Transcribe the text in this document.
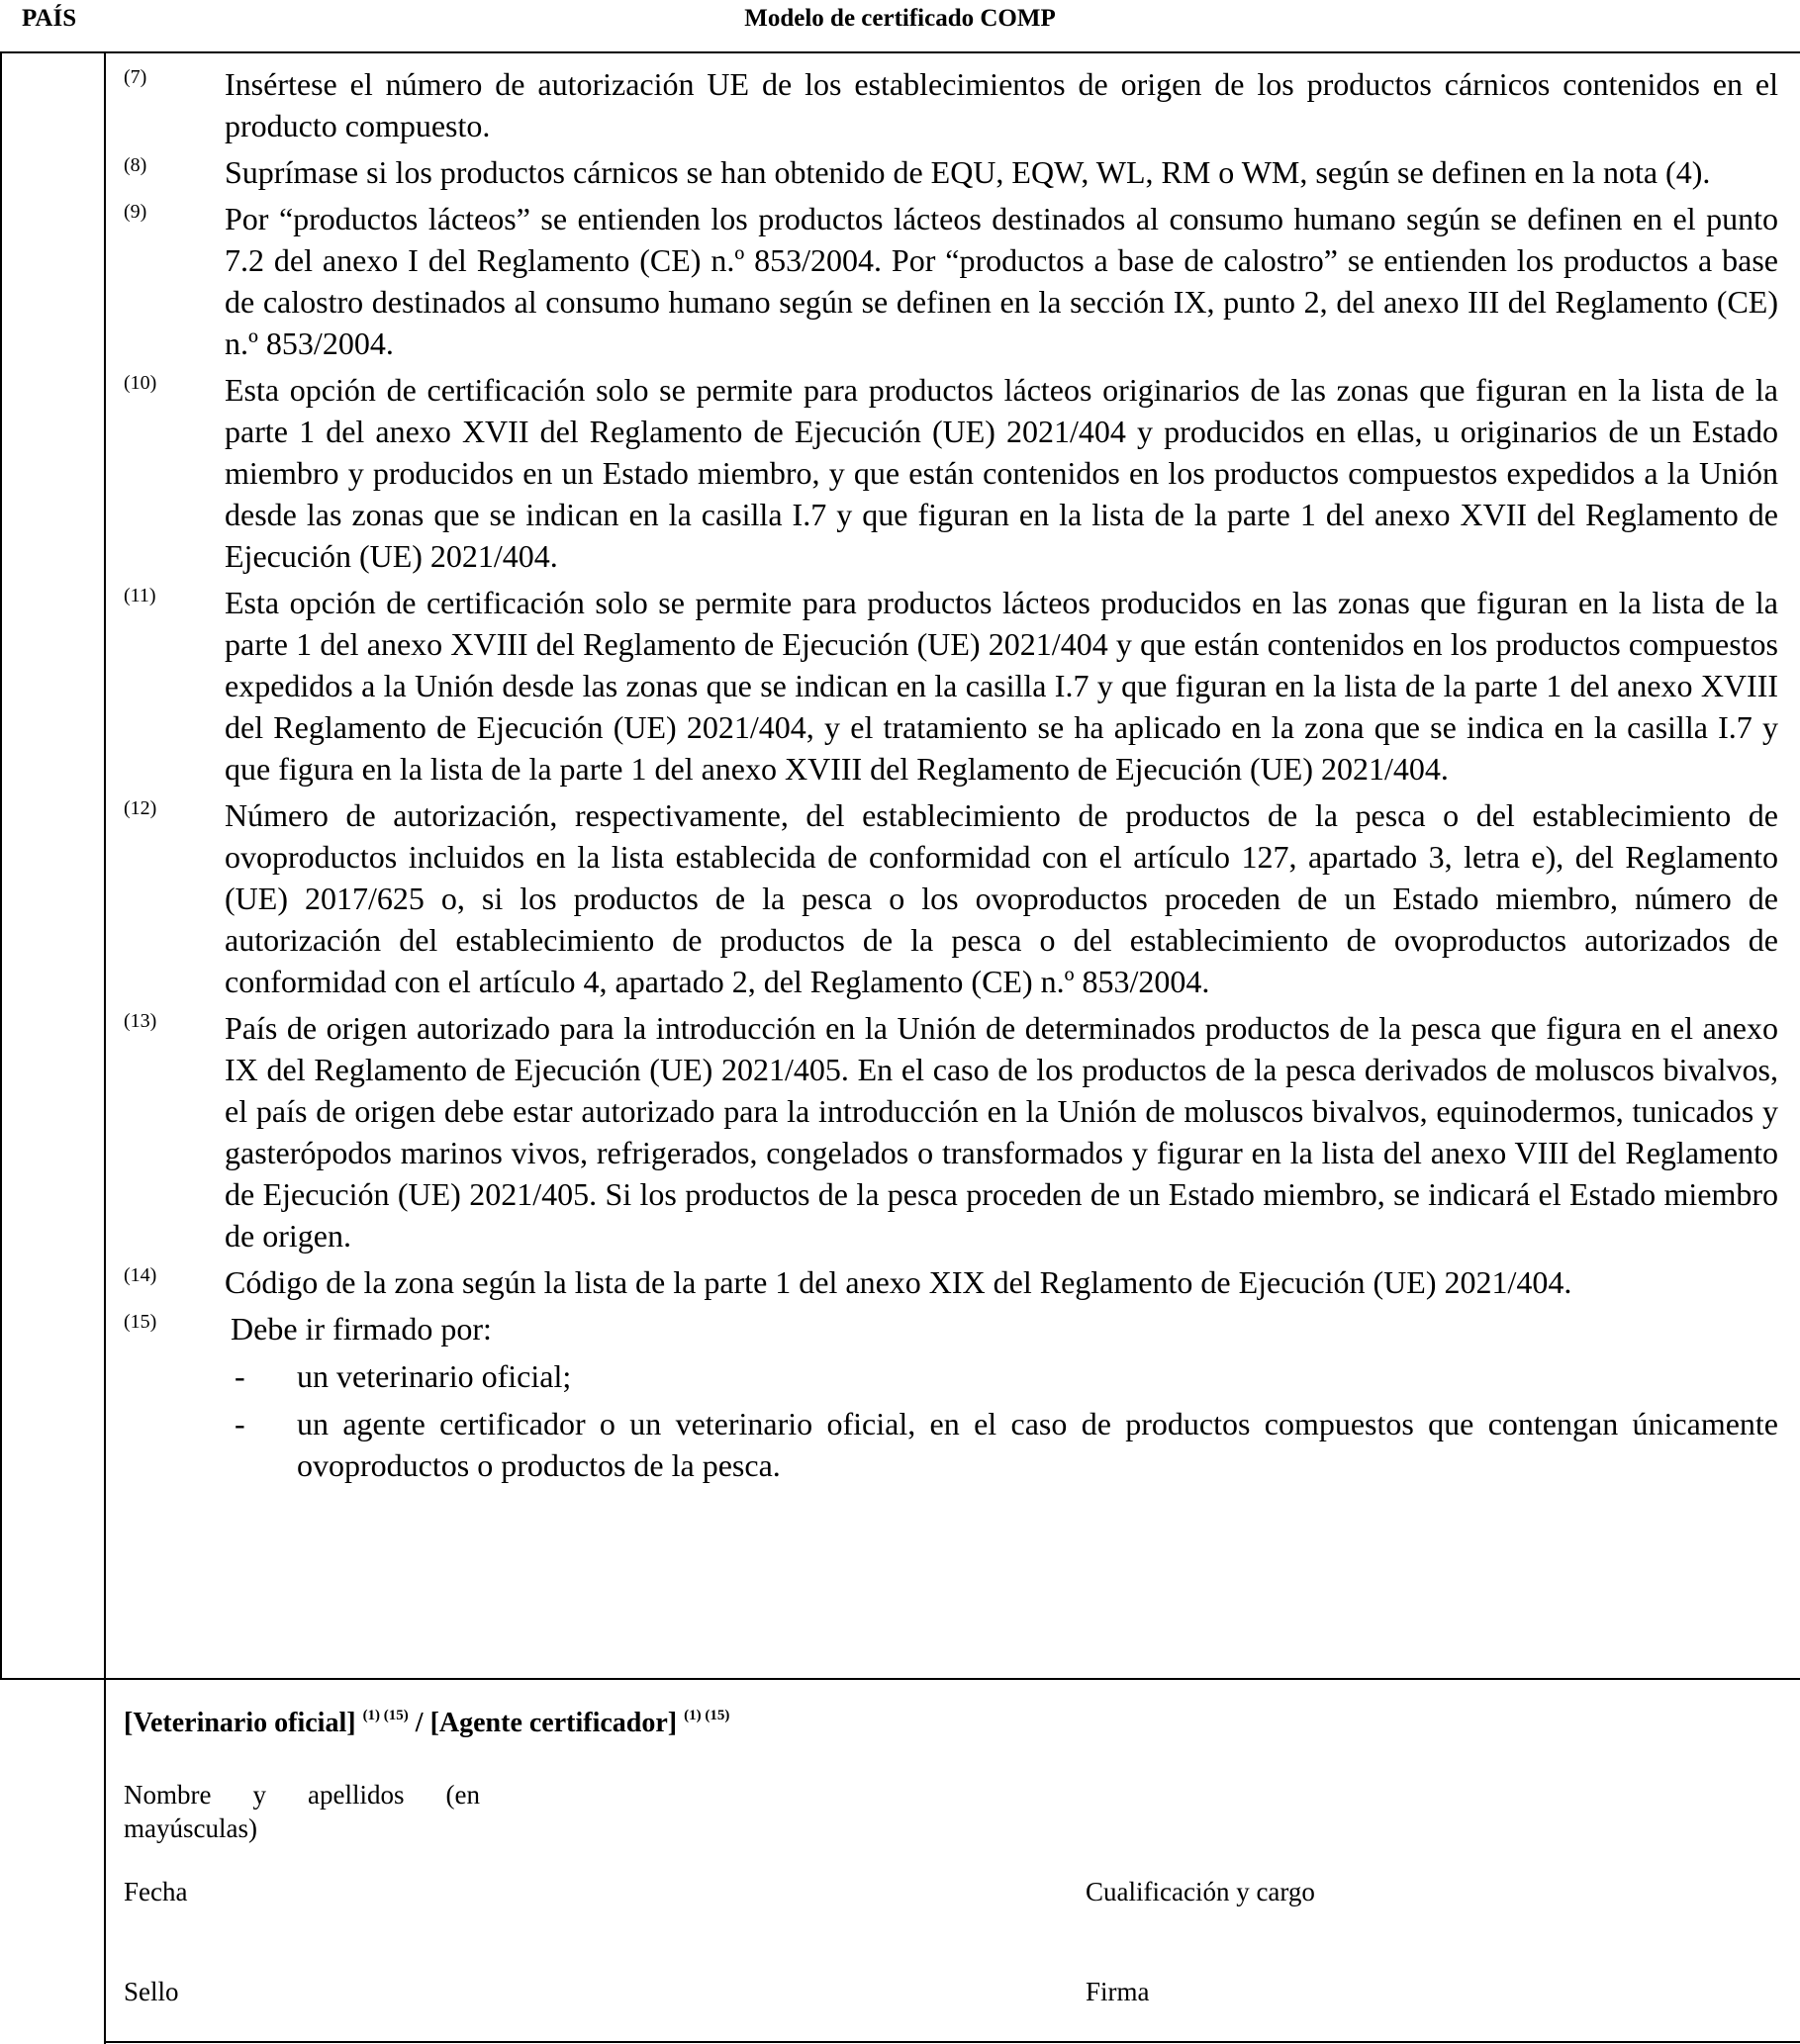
PAÍS	Modelo de certificado COMP
(7) Insértese el número de autorización UE de los establecimientos de origen de los productos cárnicos contenidos en el producto compuesto.
(8) Suprímase si los productos cárnicos se han obtenido de EQU, EQW, WL, RM o WM, según se definen en la nota (4).
(9) Por “productos lácteos” se entienden los productos lácteos destinados al consumo humano según se definen en el punto 7.2 del anexo I del Reglamento (CE) n.º 853/2004. Por “productos a base de calostro” se entienden los productos a base de calostro destinados al consumo humano según se definen en la sección IX, punto 2, del anexo III del Reglamento (CE) n.º 853/2004.
(10) Esta opción de certificación solo se permite para productos lácteos originarios de las zonas que figuran en la lista de la parte 1 del anexo XVII del Reglamento de Ejecución (UE) 2021/404 y producidos en ellas, u originarios de un Estado miembro y producidos en un Estado miembro, y que están contenidos en los productos compuestos expedidos a la Unión desde las zonas que se indican en la casilla I.7 y que figuran en la lista de la parte 1 del anexo XVII del Reglamento de Ejecución (UE) 2021/404.
(11) Esta opción de certificación solo se permite para productos lácteos producidos en las zonas que figuran en la lista de la parte 1 del anexo XVIII del Reglamento de Ejecución (UE) 2021/404 y que están contenidos en los productos compuestos expedidos a la Unión desde las zonas que se indican en la casilla I.7 y que figuran en la lista de la parte 1 del anexo XVIII del Reglamento de Ejecución (UE) 2021/404, y el tratamiento se ha aplicado en la zona que se indica en la casilla I.7 y que figura en la lista de la parte 1 del anexo XVIII del Reglamento de Ejecución (UE) 2021/404.
(12) Número de autorización, respectivamente, del establecimiento de productos de la pesca o del establecimiento de ovoproductos incluidos en la lista establecida de conformidad con el artículo 127, apartado 3, letra e), del Reglamento (UE) 2017/625 o, si los productos de la pesca o los ovoproductos proceden de un Estado miembro, número de autorización del establecimiento de productos de la pesca o del establecimiento de ovoproductos autorizados de conformidad con el artículo 4, apartado 2, del Reglamento (CE) n.º 853/2004.
(13) País de origen autorizado para la introducción en la Unión de determinados productos de la pesca que figura en el anexo IX del Reglamento de Ejecución (UE) 2021/405. En el caso de los productos de la pesca derivados de moluscos bivalvos, el país de origen debe estar autorizado para la introducción en la Unión de moluscos bivalvos, equinodermos, tunicados y gasterópodos marinos vivos, refrigerados, congelados o transformados y figurar en la lista del anexo VIII del Reglamento de Ejecución (UE) 2021/405. Si los productos de la pesca proceden de un Estado miembro, se indicará el Estado miembro de origen.
(14) Código de la zona según la lista de la parte 1 del anexo XIX del Reglamento de Ejecución (UE) 2021/404.
(15) Debe ir firmado por:
-	un veterinario oficial;
-	un agente certificador o un veterinario oficial, en el caso de productos compuestos que contengan únicamente ovoproductos o productos de la pesca.
[Veterinario oficial] $^{(1) (15)}$ / [Agente certificador] $^{(1) (15)}$
Nombre y apellidos (en mayúsculas)
Fecha	Cualificación y cargo
Sello	Firma
